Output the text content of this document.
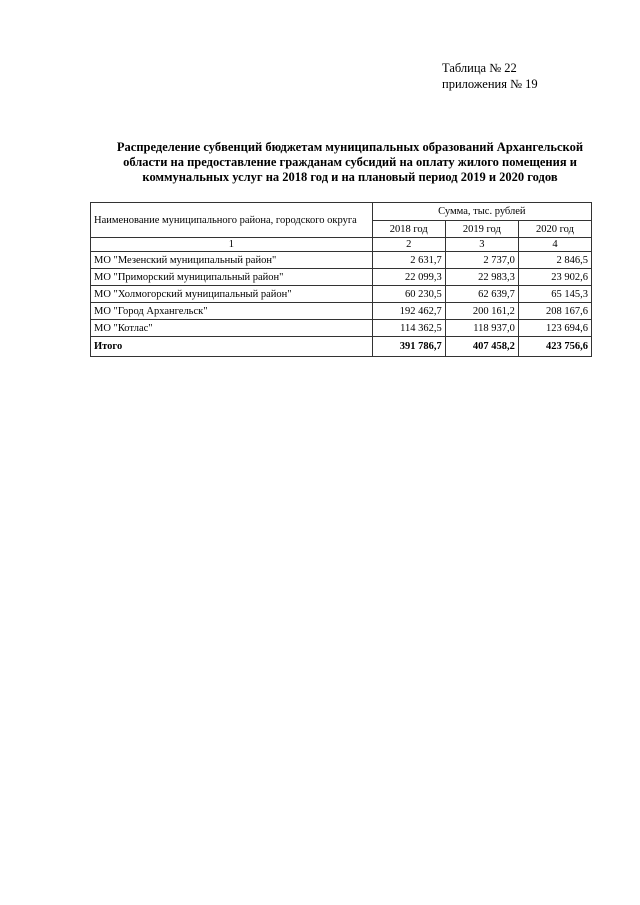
Таблица № 22
приложения № 19
Распределение субвенций бюджетам муниципальных образований Архангельской
области на предоставление гражданам субсидий на оплату жилого помещения и
коммунальных услуг на 2018 год и на плановый период 2019 и 2020 годов
Наименование муниципального района, городского округа	Сумма, тыс. рублей		
	2018 год	2019 год	2020 год
1	2	3	4
МО "Мезенский муниципальный район"	2 631,7	2 737,0	2 846,5
МО "Приморский муниципальный район"	22 099,3	22 983,3	23 902,6
МО "Холмогорский муниципальный район"	60 230,5	62 639,7	65 145,3
МО "Город Архангельск"	192 462,7	200 161,2	208 167,6
МО "Котлас"	114 362,5	118 937,0	123 694,6
Итого	391 786,7	407 458,2	423 756,6
